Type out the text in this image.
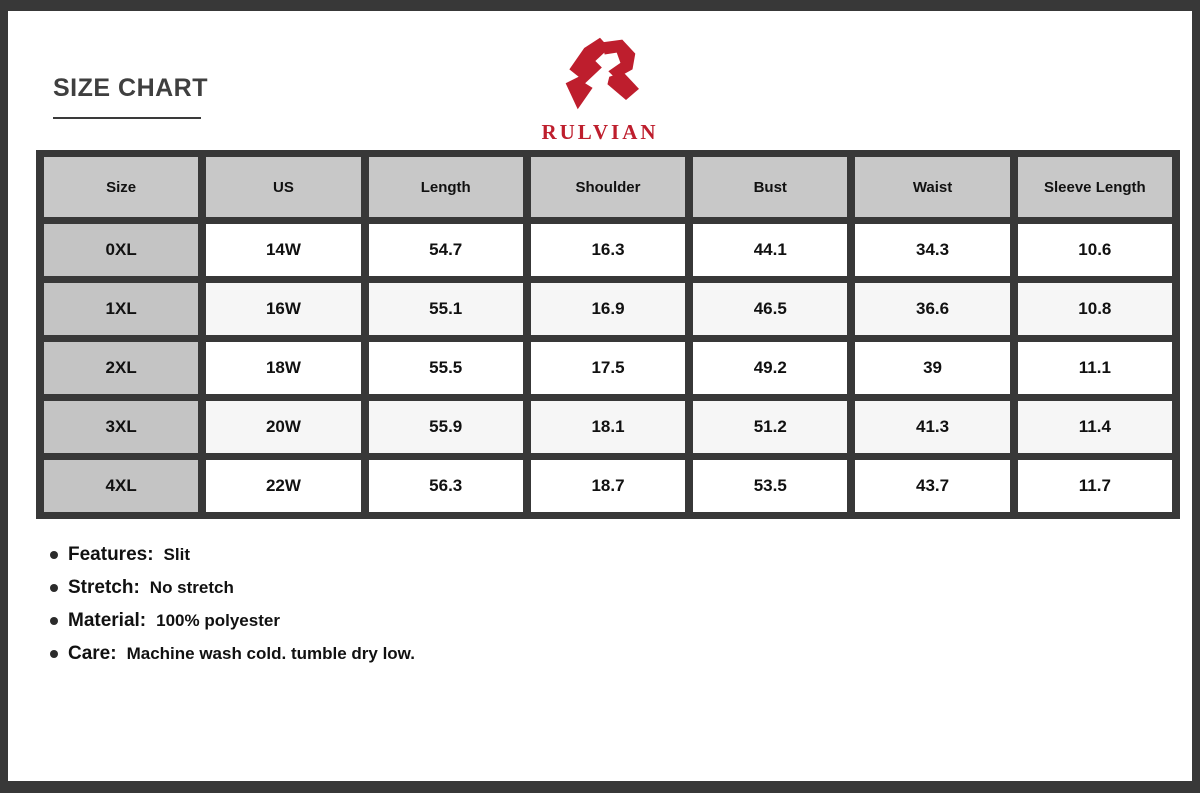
SIZE CHART
RULVIAN
Size	US	Length	Shoulder	Bust	Waist	Sleeve Length
0XL	14W	54.7	16.3	44.1	34.3	10.6
1XL	16W	55.1	16.9	46.5	36.6	10.8
2XL	18W	55.5	17.5	49.2	39	11.1
3XL	20W	55.9	18.1	51.2	41.3	11.4
4XL	22W	56.3	18.7	53.5	43.7	11.7
Features: Slit
Stretch: No stretch
Material: 100% polyester
Care: Machine wash cold. tumble dry low.
